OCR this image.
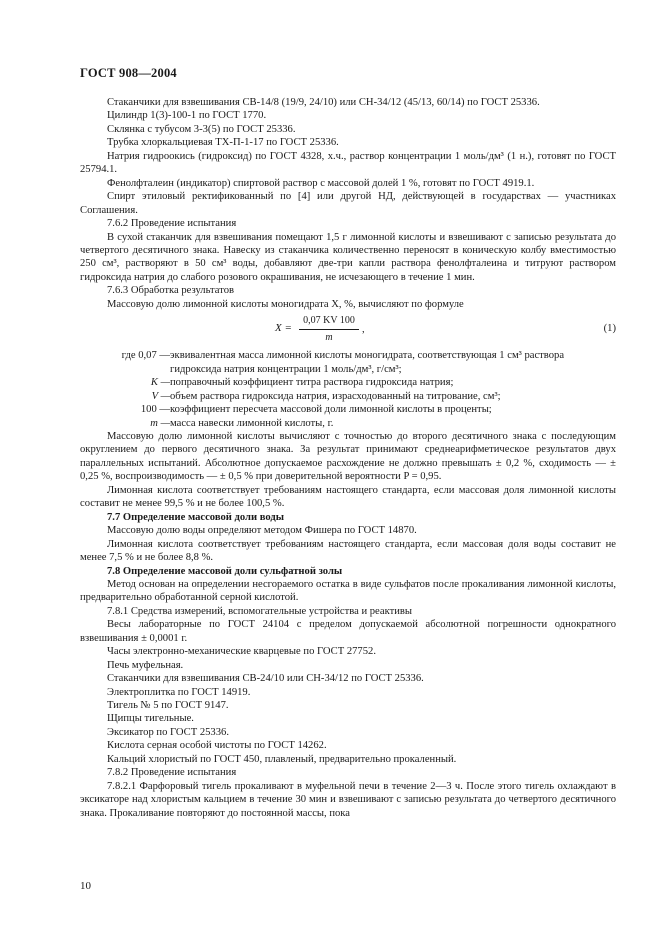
ГОСТ 908—2004

Стаканчики для взвешивания СВ-14/8 (19/9, 24/10) или СН-34/12 (45/13, 60/14) по ГОСТ 25336.

Цилиндр 1(3)-100-1 по ГОСТ 1770.

Склянка с тубусом 3-3(5) по ГОСТ 25336.

Трубка хлоркальциевая ТХ-П-1-17 по ГОСТ 25336.

Натрия гидроокись (гидроксид) по ГОСТ 4328, х.ч., раствор концентрации 1 моль/дм³ (1 н.), готовят по ГОСТ 25794.1.

Фенолфталеин (индикатор) спиртовой раствор с массовой долей 1 %, готовят по ГОСТ 4919.1.

Спирт этиловый ректификованный по [4] или другой НД, действующей в государствах — участниках Соглашения.

7.6.2 Проведение испытания

В сухой стаканчик для взвешивания помещают 1,5 г лимонной кислоты и взвешивают с записью результата до четвертого десятичного знака. Навеску из стаканчика количественно переносят в коническую колбу вместимостью 250 см³, растворяют в 50 см³ воды, добавляют две-три капли раствора фенолфталеина и титруют раствором гидроксида натрия до слабого розового окрашивания, не исчезающего в течение 1 мин.

7.6.3 Обработка результатов

Массовую долю лимонной кислоты моногидрата X, %, вычисляют по формуле

$X = \frac{0,07 KV 100}{m}$ ,	(1)
где 0,07 — эквивалентная масса лимонной кислоты моногидрата, соответствующая 1 см³ раствора гидроксида натрия концентрации 1 моль/дм³, г/см³;
K — поправочный коэффициент титра раствора гидроксида натрия;
V — объем раствора гидроксида натрия, израсходованный на титрование, см³;
100 — коэффициент пересчета массовой доли лимонной кислоты в проценты;
m — масса навески лимонной кислоты, г.

Массовую долю лимонной кислоты вычисляют с точностью до второго десятичного знака с последующим округлением до первого десятичного знака. За результат принимают среднеарифметическое результатов двух параллельных испытаний. Абсолютное допускаемое расхождение не должно превышать ± 0,2 %, сходимость — ± 0,25 %, воспроизводимость — ± 0,5 % при доверительной вероятности P = 0,95.

Лимонная кислота соответствует требованиям настоящего стандарта, если массовая доля лимонной кислоты составит не менее 99,5 % и не более 100,5 %.

7.7 Определение массовой доли воды

Массовую долю воды определяют методом Фишера по ГОСТ 14870.

Лимонная кислота соответствует требованиям настоящего стандарта, если массовая доля воды составит не менее 7,5 % и не более 8,8 %.

7.8 Определение массовой доли сульфатной золы

Метод основан на определении несгораемого остатка в виде сульфатов после прокаливания лимонной кислоты, предварительно обработанной серной кислотой.

7.8.1 Средства измерений, вспомогательные устройства и реактивы

Весы лабораторные по ГОСТ 24104 с пределом допускаемой абсолютной погрешности однократного взвешивания ± 0,0001 г.

Часы электронно-механические кварцевые по ГОСТ 27752.

Печь муфельная.

Стаканчики для взвешивания СВ-24/10 или СН-34/12 по ГОСТ 25336.

Электроплитка по ГОСТ 14919.

Тигель № 5 по ГОСТ 9147.

Щипцы тигельные.

Эксикатор по ГОСТ 25336.

Кислота серная особой чистоты по ГОСТ 14262.

Кальций хлористый по ГОСТ 450, плавленый, предварительно прокаленный.

7.8.2 Проведение испытания

7.8.2.1 Фарфоровый тигель прокаливают в муфельной печи в течение 2—3 ч. После этого тигель охлаждают в эксикаторе над хлористым кальцием в течение 30 мин и взвешивают с записью результата до четвертого десятичного знака. Прокаливание повторяют до постоянной массы, пока

10
